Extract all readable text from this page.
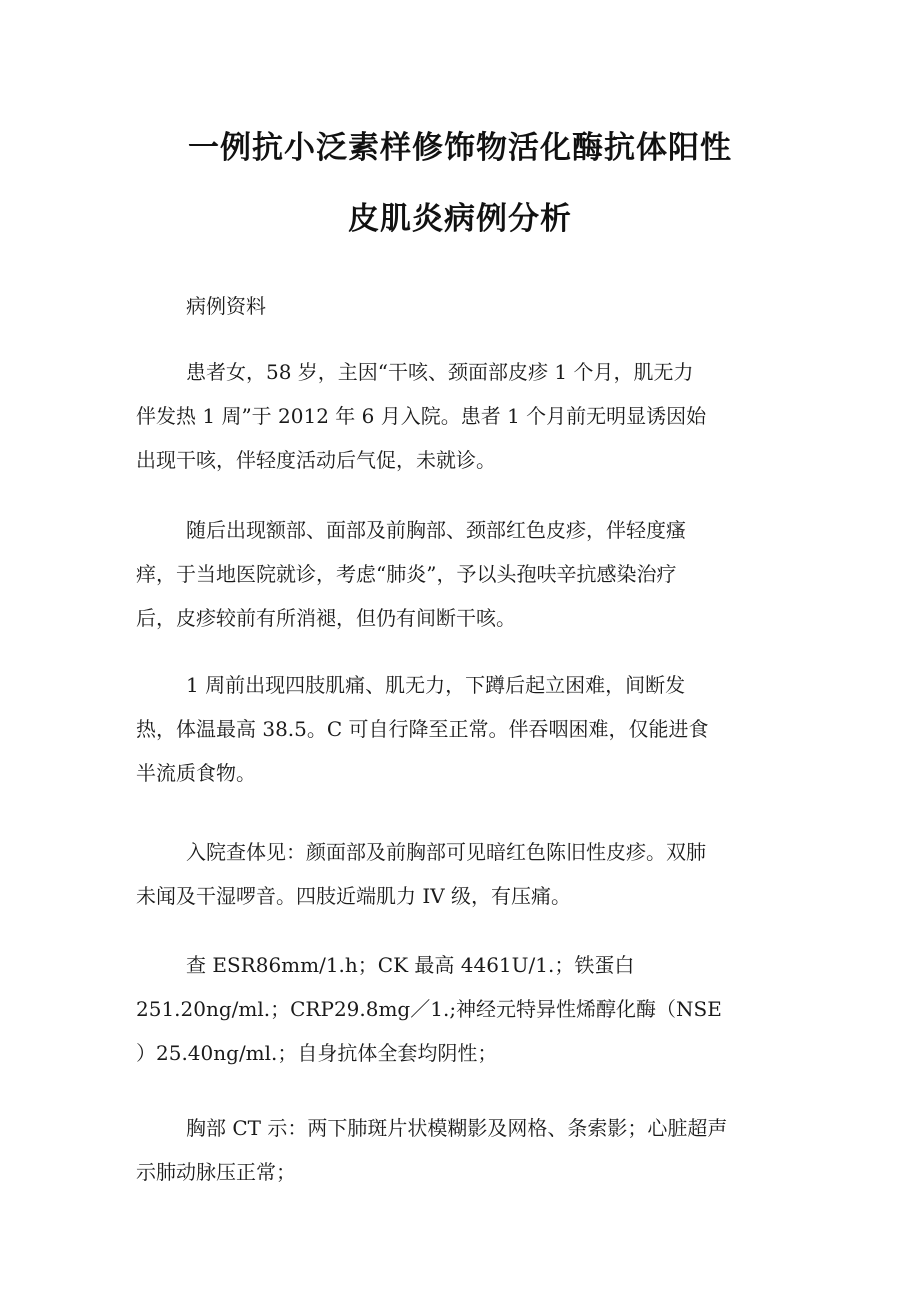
一例抗小泛素样修饰物活化酶抗体阳性
皮肌炎病例分析

病例资料

患者女，58 岁，主因“干咳、颈面部皮疹 1 个月，肌无力
伴发热 1 周”于 2012 年 6 月入院。患者 1 个月前无明显诱因始
出现干咳，伴轻度活动后气促，未就诊。

随后出现额部、面部及前胸部、颈部红色皮疹，伴轻度瘙
痒，于当地医院就诊，考虑“肺炎”，予以头孢呋辛抗感染治疗
后，皮疹较前有所消褪，但仍有间断干咳。

1 周前出现四肢肌痛、肌无力，下蹲后起立困难，间断发
热，体温最高 38.5。C 可自行降至正常。伴吞咽困难，仅能进食
半流质食物。

入院查体见：颜面部及前胸部可见暗红色陈旧性皮疹。双肺
未闻及干湿啰音。四肢近端肌力 IV 级，有压痛。

查 ESR86mm/1.h；CK 最高 4461U/1.；铁蛋白
251.20ng/ml.；CRP29.8mg／1.;神经元特异性烯醇化酶（NSE
）25.40ng/ml.；自身抗体全套均阴性；

胸部 CT 示：两下肺斑片状模糊影及网格、条索影；心脏超声
示肺动脉压正常；
